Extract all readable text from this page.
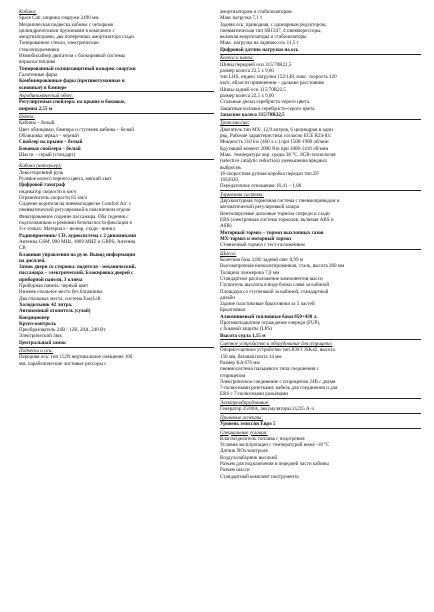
Кабина:
Space Cab: ширина снаружи 2490 мм.
Механическая подвеска кабины с четырьмя
цилиндрическими пружинами в комплекте с
амортизаторами, два поперечных амортизатора сзади.
Тонированное стекло, электрические
стеклоподъемники
Иммобилайзер двигателя с блокировкой системы
впрыска топлива
Тонированный солнцезащитный козырек снаружи
Галогенные фары
Комбинированные фары (противотуманные и
основные) в бампере
Аэродинамический обвес:
Регулируемые спойлера: на крыше и боковые,
ширина 2,55 м
Цвета:
Кабины – белый.
Цвет облицовки, бампера и ступенек кабины – белый
Облицовка зеркал – черный
Спойлер на крыше – белый
Боковые спойлера – белый
Шасси – серый (стандарт)
Кабина (интерьер):
Левосторонний руль
Рулевое колесо черного цвета, мягкий хват
Цифровой тахограф
индикатор скорости в км/ч
Ограничитель скорости 85 км/ч
Сидение водителя на пневмоподвеске Comfort Air: с
пневматической регулировкой в поясничном отделе
Фиксированное сидение пассажира. Оба сидения с
подголовником и ремнями безопасности фиксации в
3-х точках. Материал – велюр, сзади - винил
Радиоприемник/ CD, аудиосистема с 2 динамиками
Антенна GSM, 900 MHz, 1800 MHZ и GRPS, Антенна
CB
Клавиши управления на руле. Вывод информации
на дисплей.
Замок двери со стороны: водителя - механический,
пассажира – электрический. Блокировка дверей с
приборной панели, 3 ключа
Приборная панель: черный цвет
Нижнее спальное место без багажника
Два спальных места, система EasyLift
Холодильник 42 литра.
Автономный отопитель (сухой)
Кондиционер
Круиз-контроль
Преобразователь 24В / 12В, 20А, 240 Вт
Электрический люк
Центральный замок
Подвеска и оси:
Передняя ось: тип 152N вертикальное смещение 100
мм, параболические листовые рессоры с
амортизатором и стабилизатором.
Макс нагрузка 7,1 т
Задняя ось: приводная, с одинарным редуктором,
пневматическая тип SR1347, 4 пневморессоры,
включая амортизаторы и стабилизаторы
Макс. нагрузка на заднюю ось 11,5 т
Цифровой датчик нагрузки на ось
Колеса и шины:
Шины передней оси 315/70R22,5
размер колеса 22,5 x 9,00
тип LHS, индекс нагрузки 152/148, макс. скорость 120
км/ч, области применения – дальние расстояния
Шины задней оси 315/70R22,5
размер колеса 22,5 x 9,00
Стальные диски серебристо-серого цвета
Защитные колпаки серебристо-серого цвета
Запасное колесо 315/70R22,5
Трансмиссия:
Двигатель тип МХ: 12,9 литров, 6 цилиндров в один
ряд. Рабочие характеристики согласно ECE R24-03:
Мощность 310 kw (460 л.с.) при 1500-1900 об/мин
Крутящий момент 2000 Nm при 1000-1410 об/мин
Макс. температура окр. среды 38 °C. SCR-технология
(selective catalytic reduction) уменьшения вредных
выбросов.
16-скоростная ручная коробка передач тип ZF
16S2020,
Передаточное отношение 16,41 – 1,00
Тормозная система:
Двухконтурная тормозная система с пневмоприводом и
автоматической регулировкой зазора
Вентилируемые дисковые тормоза спереди и сзади
EBS (электронная система тормозов, включая ABS и
ASR)
Моторный тормоз – тормоз выхлопных газов
МХ-тормоз и моторный тормоз
Стояночный тормоз с тест-положением
Шасси:
Колесная база 3,80/ задний свес 0,99 м
Высокопрочная низколегированная, сталь, высота 260 мм
Толщина лонжерона 7,0 мм
Стандартное расположение компонентов шасси
Глушитель выхлопа в виде бочки слева за кабиной
Площадка со ступенькой за кабиной, стандартный
дизайн
Задние пластиковые брызговики за 3 частей
Брызговики
Алюминиевый топливные баки 850+430 л.
Противоподкатное ограждение спереди (FUP),
с боковой защиты (LPS)
Высота седла 1,15 м
Сцепное устройство и оборудование для п/прицепа:
Опорно-сцепное устройство тип JOST JSK42, высота
150 мм, базовая плита 14 мм
Размер KA 670 мм
пневмосистема пальцевого типа соединения с
п/прицепом
Электрическое соединение с п/прицепом 24В с двумя
7-полюсными розетками: кабель для соединения и для
EBS с 7-полюсными разъемами
Электрооборудование:
Генератор 35/80А, аккумуляторы 2x225 А·ч
Правовые аспекты:
Уровень эмиссии Евро 5
Специальные условия:
Влагоотделитель топлива с подогревом
Условия эксплуатации с температурой ниже -18 °C
Датчик NOx-контроля
Воздухозаборник высокий
Разъем для подключения в передней части кабины
Разъем шасси
Стандартный комплект инструмента
